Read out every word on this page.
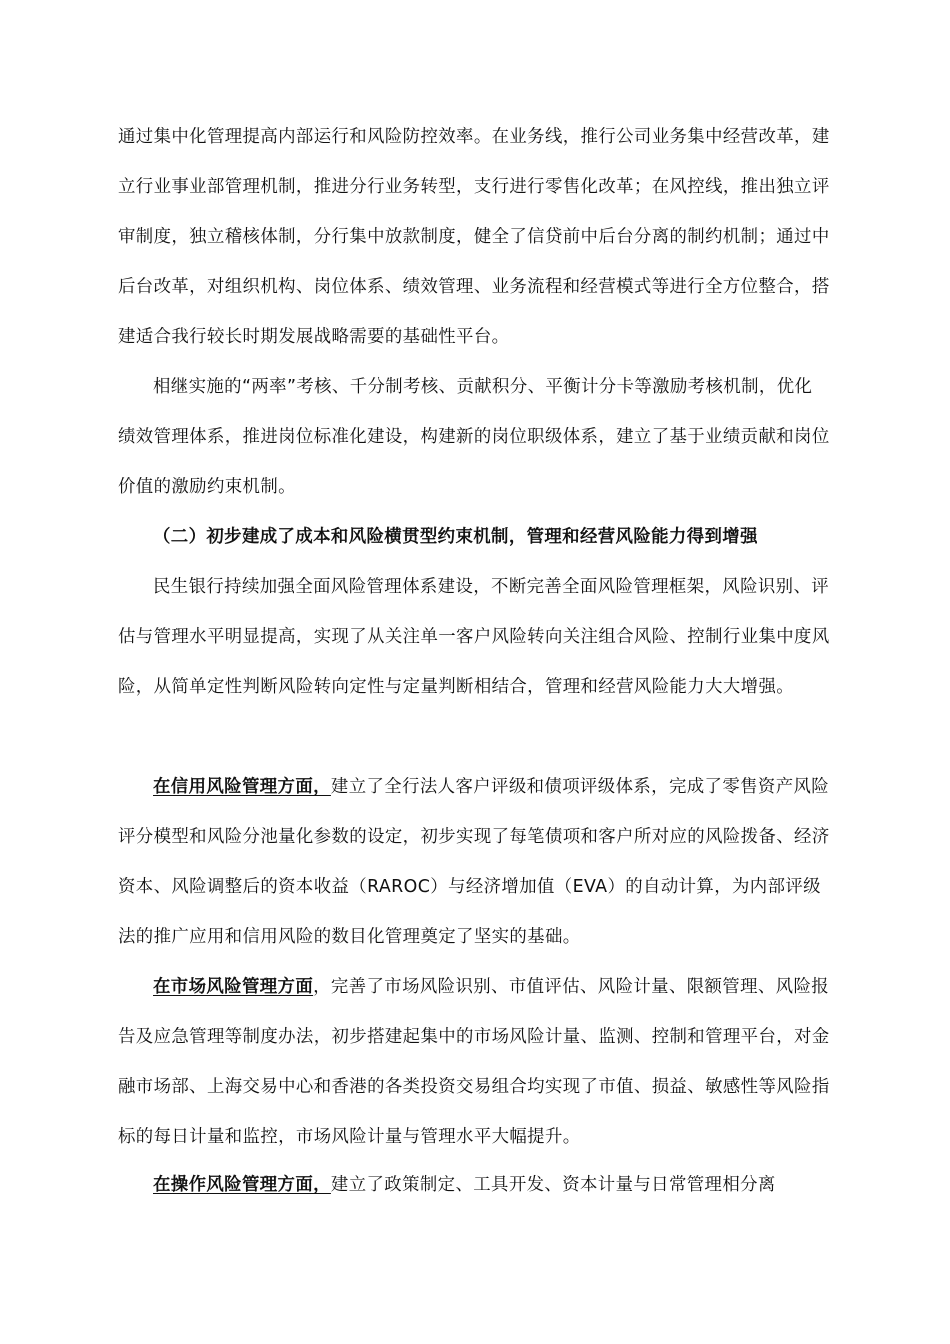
通过集中化管理提高内部运行和风险防控效率。在业务线，推行公司业务集中经营改革，建立行业事业部管理机制，推进分行业务转型，支行进行零售化改革；在风控线，推出独立评审制度，独立稽核体制，分行集中放款制度，健全了信贷前中后台分离的制约机制；通过中后台改革，对组织机构、岗位体系、绩效管理、业务流程和经营模式等进行全方位整合，搭建适合我行较长时期发展战略需要的基础性平台。

相继实施的“两率”考核、千分制考核、贡献积分、平衡计分卡等激励考核机制，优化绩效管理体系，推进岗位标准化建设，构建新的岗位职级体系，建立了基于业绩贡献和岗位价值的激励约束机制。

（二）初步建成了成本和风险横贯型约束机制，管理和经营风险能力得到增强

民生银行持续加强全面风险管理体系建设，不断完善全面风险管理框架，风险识别、评估与管理水平明显提高，实现了从关注单一客户风险转向关注组合风险、控制行业集中度风险，从简单定性判断风险转向定性与定量判断相结合，管理和经营风险能力大大增强。

在信用风险管理方面，建立了全行法人客户评级和债项评级体系，完成了零售资产风险评分模型和风险分池量化参数的设定，初步实现了每笔债项和客户所对应的风险拨备、经济资本、风险调整后的资本收益（RAROC）与经济增加值（EVA）的自动计算，为内部评级法的推广应用和信用风险的数目化管理奠定了坚实的基础。

在市场风险管理方面，完善了市场风险识别、市值评估、风险计量、限额管理、风险报告及应急管理等制度办法，初步搭建起集中的市场风险计量、监测、控制和管理平台，对金融市场部、上海交易中心和香港的各类投资交易组合均实现了市值、损益、敏感性等风险指标的每日计量和监控，市场风险计量与管理水平大幅提升。

在操作风险管理方面，建立了政策制定、工具开发、资本计量与日常管理相分离
